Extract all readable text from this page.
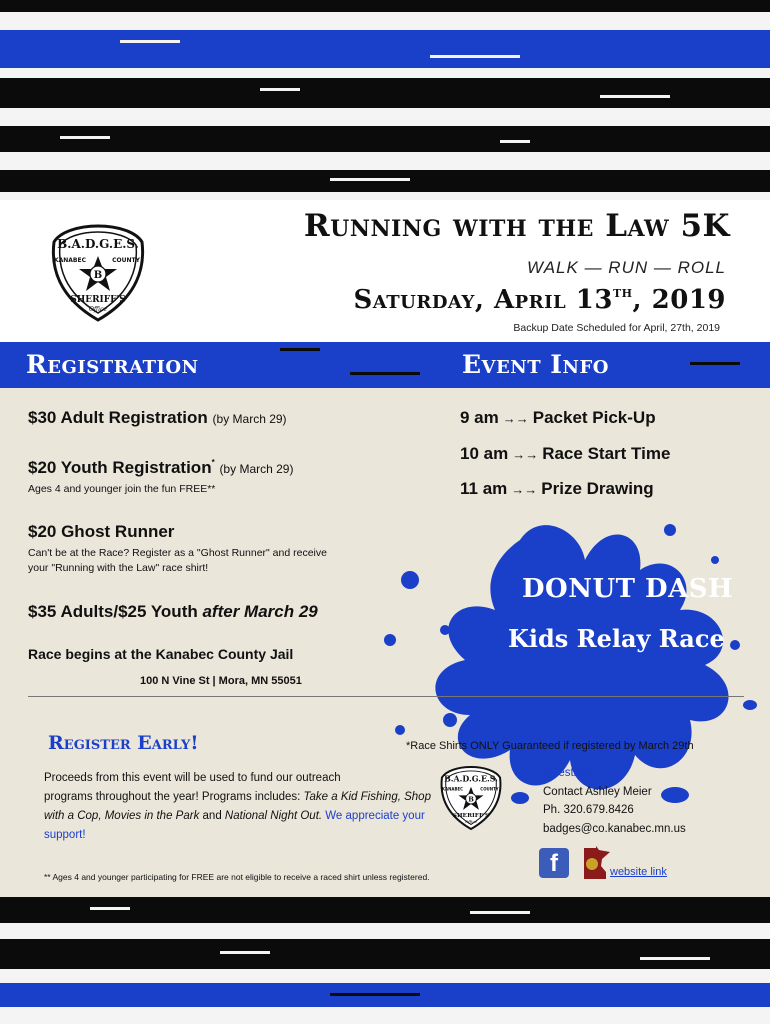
B
B.A.D.G.E.S.
KANABEC	COUNTY
SHERIFF'S
Office
Running with the Law 5K
WALK — RUN — ROLL
Saturday, April 13th, 2019
Backup Date Scheduled for April, 27th, 2019
Registration	Event Info
$30 Adult Registration (by March 29)
$20 Youth Registration* (by March 29)
Ages 4 and younger join the fun FREE**
$20 Ghost Runner
Can't be at the Race? Register as a "Ghost Runner" and receive
your "Running with the Law" race shirt!
$35 Adults/$25 Youth after March 29
Race begins at the Kanabec County Jail
100 N Vine St | Mora, MN 55051
9 am →→ Packet Pick-Up
10 am →→ Race Start Time
11 am →→ Prize Drawing
DONUT DASH
Kids Relay Race
Register Early!	*Race Shirts ONLY Guaranteed if registered by March 29th
Proceeds from this event will be used to fund our outreach
programs throughout the year! Programs includes: Take a Kid Fishing, Shop with a Cop, Movies in the Park and National Night Out. We appreciate your support!
B
B.A.D.G.E.S.
KANABEC	COUNTY
SHERIFF'S
Office
Questions?
Contact Ashley Meier
Ph. 320.679.8426
badges@co.kanabec.mn.us
f	website link
** Ages 4 and younger participating for FREE are not eligible to receive a raced shirt unless registered.
